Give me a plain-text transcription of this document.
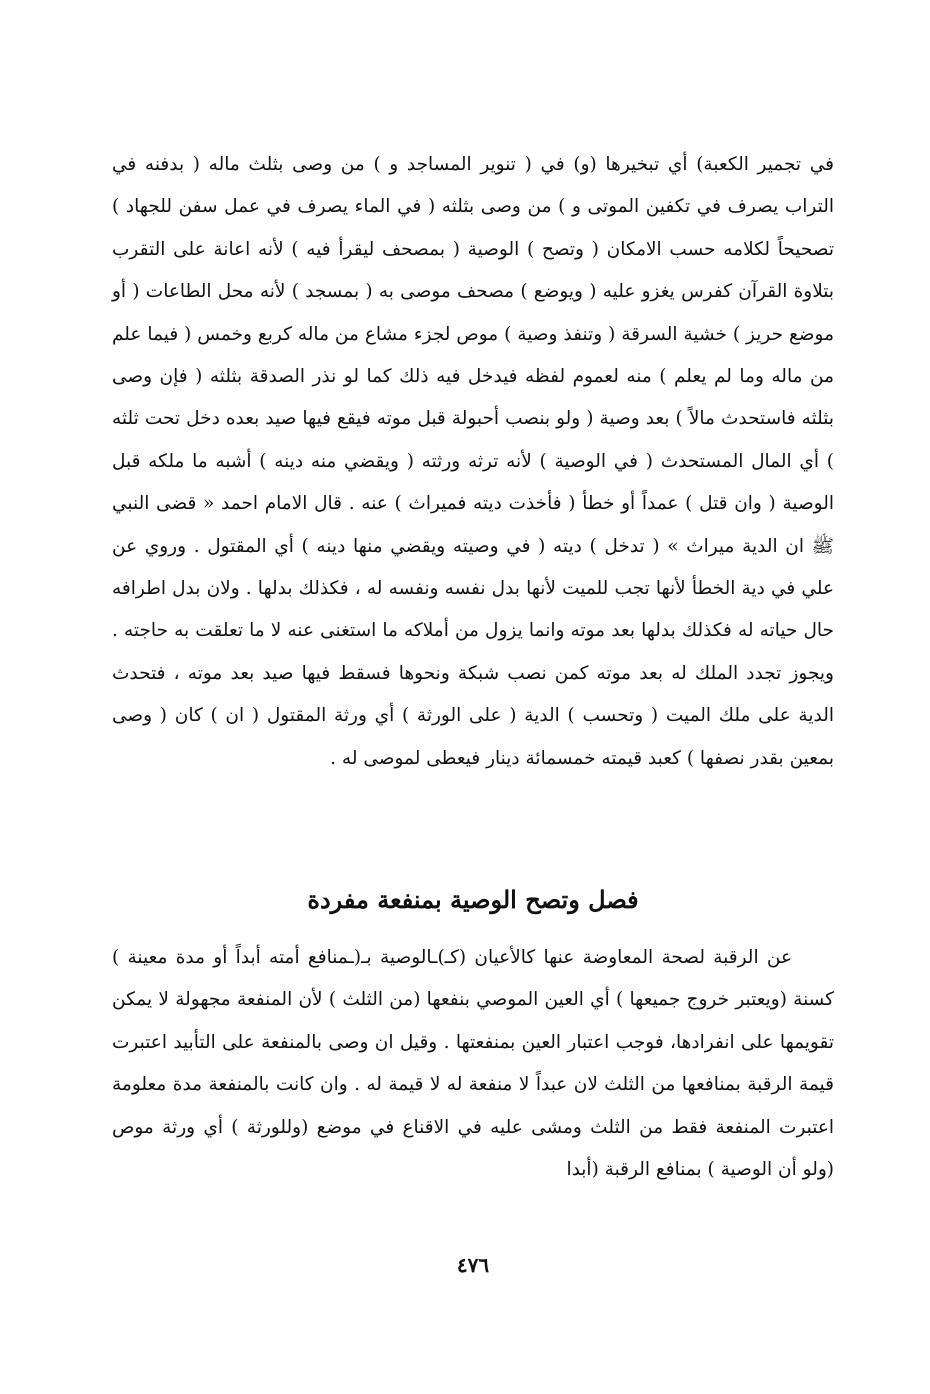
في تجمير الكعبة) أي تبخيرها (و) في ( تنوير المساجد و ) من وصى بثلث ماله ( بدفنه في التراب يصرف في تكفين الموتى و ) من وصى بثلثه ( في الماء يصرف في عمل سفن للجهاد ) تصحيحاً لكلامه حسب الامكان ( وتصح ) الوصية ( بمصحف ليقرأ فيه ) لأنه اعانة على التقرب بتلاوة القرآن كفرس يغزو عليه ( ويوضع ) مصحف موصى به ( بمسجد ) لأنه محل الطاعات ( أو موضع حريز ) خشية السرقة ( وتنفذ وصية ) موص لجزء مشاع من ماله كربع وخمس ( فيما علم من ماله وما لم يعلم ) منه لعموم لفظه فيدخل فيه ذلك كما لو نذر الصدقة بثلثه ( فإن وصى بثلثه فاستحدث مالاً ) بعد وصية ( ولو بنصب أحبولة قبل موته فيقع فيها صيد بعده دخل تحت ثلثه ) أي المال المستحدث ( في الوصية ) لأنه ترثه ورثته ( ويقضي منه دينه ) أشبه ما ملكه قبل الوصية ( وان قتل ) عمداً أو خطأ ( فأخذت ديته فميراث ) عنه . قال الامام احمد « قضى النبي ﷺ ان الدية ميراث » ( تدخل ) ديته ( في وصيته ويقضي منها دينه ) أي المقتول . وروي عن علي في دية الخطأ لأنها تجب للميت لأنها بدل نفسه ونفسه له ، فكذلك بدلها . ولان بدل اطرافه حال حياته له فكذلك بدلها بعد موته وانما يزول من أملاكه ما استغنى عنه لا ما تعلقت به حاجته . ويجوز تجدد الملك له بعد موته كمن نصب شبكة ونحوها فسقط فيها صيد بعد موته ، فتحدث الدية على ملك الميت ( وتحسب ) الدية ( على الورثة ) أي ورثة المقتول ( ان ) كان ( وصى بمعين بقدر نصفها ) كعبد قيمته خمسمائة دينار فيعطى لموصى له .

فصل وتصح الوصية بمنفعة مفردة

عن الرقبة لصحة المعاوضة عنها كالأعيان (كـ)ـالوصية بـ(ـمنافع أمته أبداً أو مدة معينة ) كسنة (ويعتبر خروج جميعها ) أي العين الموصي بنفعها (من الثلث ) لأن المنفعة مجهولة لا يمكن تقويمها على انفرادها، فوجب اعتبار العين بمنفعتها . وقيل ان وصى بالمنفعة على التأبيد اعتبرت قيمة الرقبة بمنافعها من الثلث لان عبداً لا منفعة له لا قيمة له . وان كانت بالمنفعة مدة معلومة اعتبرت المنفعة فقط من الثلث ومشى عليه في الاقناع في موضع (وللورثة ) أي ورثة موص (ولو أن الوصية ) بمنافع الرقبة (أبدا

٤٧٦
